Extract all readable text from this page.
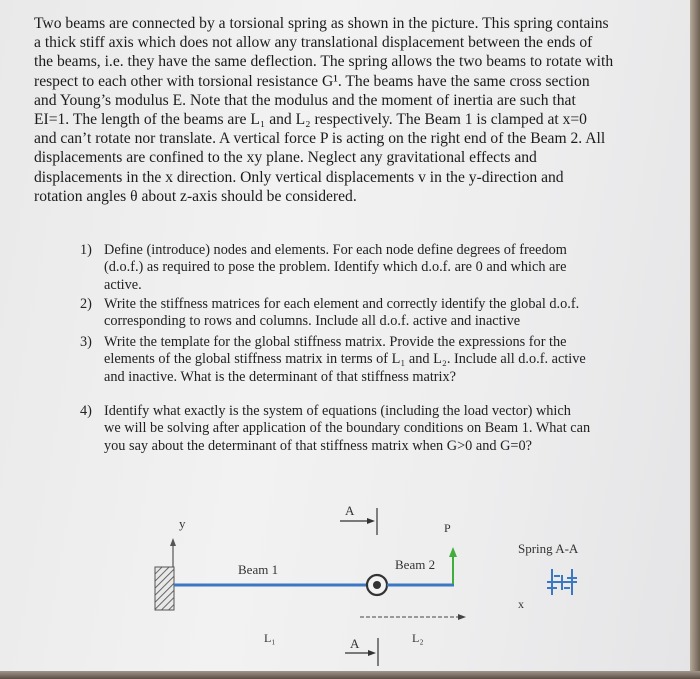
Two beams are connected by a torsional spring as shown in the picture. This spring contains
a thick stiff axis which does not allow any translational displacement between the ends of
the beams, i.e. they have the same deflection. The spring allows the two beams to rotate with
respect to each other with torsional resistance G¹. The beams have the same cross section
and Young’s modulus E. Note that the modulus and the moment of inertia are such that
EI=1. The length of the beams are L₁ and L₂ respectively. The Beam 1 is clamped at x=0
and can’t rotate nor translate. A vertical force P is acting on the right end of the Beam 2. All
displacements are confined to the xy plane. Neglect any gravitational effects and
displacements in the x direction. Only vertical displacements v in the y-direction and
rotation angles θ about z-axis should be considered.

1) Define (introduce) nodes and elements. For each node define degrees of freedom
(d.o.f.) as required to pose the problem. Identify which d.o.f. are 0 and which are
active.
2) Write the stiffness matrices for each element and correctly identify the global d.o.f.
corresponding to rows and columns. Include all d.o.f. active and inactive
3) Write the template for the global stiffness matrix. Provide the expressions for the
elements of the global stiffness matrix in terms of L₁ and L₂. Include all d.o.f. active
and inactive. What is the determinant of that stiffness matrix?
4) Identify what exactly is the system of equations (including the load vector) which
we will be solving after application of the boundary conditions on Beam 1. What can
you say about the determinant of that stiffness matrix when G>0 and G=0?
y
Beam 1	Beam 2
P
x
A
A
L₁	L₂
Spring A-A
